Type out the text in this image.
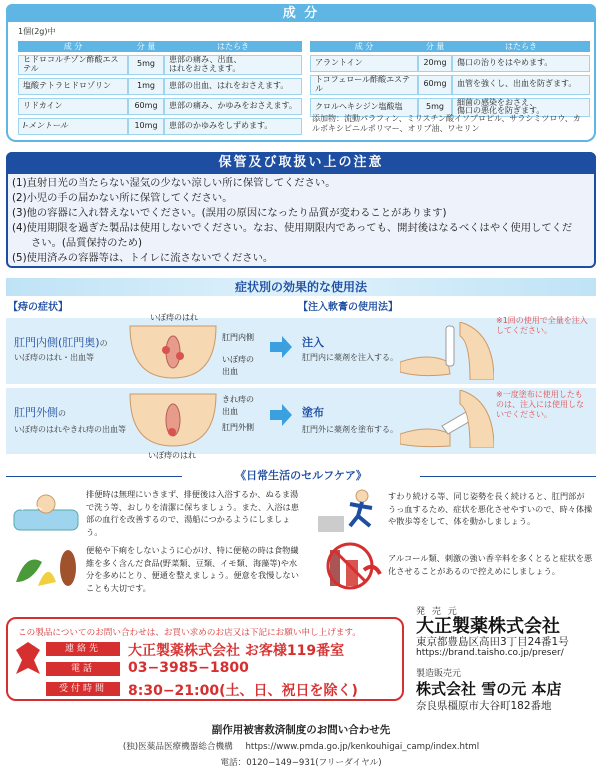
成 分
1個(2g)中
成 分	分 量	はたらき
ヒドロコルチゾン酢酸エステル	5mg	患部の痛み、出血、
はれをおさえます。
塩酸テトラヒドロゾリン	1mg	患部の出血、はれをおさえます。
リドカイン	60mg	患部の痛み、かゆみをおさえます。
l-メントール	10mg	患部のかゆみをしずめます。
成 分	分 量	はたらき
アラントイン	20mg	傷口の治りをはやめます。
トコフェロール酢酸エステル	60mg	血管を強くし、出血を防ぎます。
クロルヘキシジン塩酸塩	5mg	細菌の感染をおさえ、
傷口の悪化を防ぎます。
添加物：流動パラフィン、ミリスチン酸イソプロピル、サラシミツロウ、カルボキシビニルポリマー、オリブ油、ワセリン
保管及び取扱い上の注意
(1)直射日光の当たらない湿気の少ない涼しい所に保管してください。
(2)小児の手の届かない所に保管してください。
(3)他の容器に入れ替えないでください。(誤用の原因になったり品質が変わることがあります)
(4)使用期限を過ぎた製品は使用しないでください。なお、使用期限内であっても、開封後はなるべくはやく使用してください。(品質保持のため)
(5)使用済みの容器等は、トイレに流さないでください。
症状別の効果的な使用法
【痔の症状】	【注入軟膏の使用法】
肛門内側(肛門奥)の
いぼ痔のはれ・出血等
いぼ痔のはれ
肛門内側
いぼ痔の
出血
注入
肛門内に薬剤を注入する。
※1回の使用で全量を注入してください。
肛門外側の
いぼ痔のはれやきれ痔の出血等
きれ痔の
出血
肛門外側
いぼ痔のはれ
塗布
肛門外に薬剤を塗布する。
※一度塗布に使用したものは、注入には使用しないでください。
《日常生活のセルフケア》
排便時は無理にいきまず、排便後は入浴するか、ぬるま湯で洗う等、おしりを清潔に保ちましょう。また、入浴は患部の血行を改善するので、湯船につかるようにしましょう。
すわり続ける等、同じ姿勢を長く続けると、肛門部が うっ血するため、症状を悪化させやすいので、時々体操や散歩等をして、体を動かしましょう。
便秘や下痢をしないように心がけ、特に便秘の時は食物繊維を多く含んだ食品(野菜類、豆類、イモ類、海藻等)や水分を多めにとり、便通を整えましょう。便意を我慢しないことも大切です。
アルコール類、刺激の強い香辛料を多くとると症状を悪化させることがあるので控えめにしましょう。
この製品についてのお問い合わせは、お買い求めのお店又は下記にお願い申し上げます。
連絡先	大正製薬株式会社 お客様119番室
電話	03−3985−1800
受付時間	8:30−21:00(土、日、祝日を除く)
発 売 元
大正製薬株式会社
東京都豊島区高田3丁目24番1号
https://brand.taisho.co.jp/preser/
製造販売元
株式会社 雪の元 本店
奈良県橿原市大谷町182番地
副作用被害救済制度のお問い合わせ先
(独)医薬品医療機器総合機構 https://www.pmda.go.jp/kenkouhigai_camp/index.html
電話：0120−149−931(フリーダイヤル)
